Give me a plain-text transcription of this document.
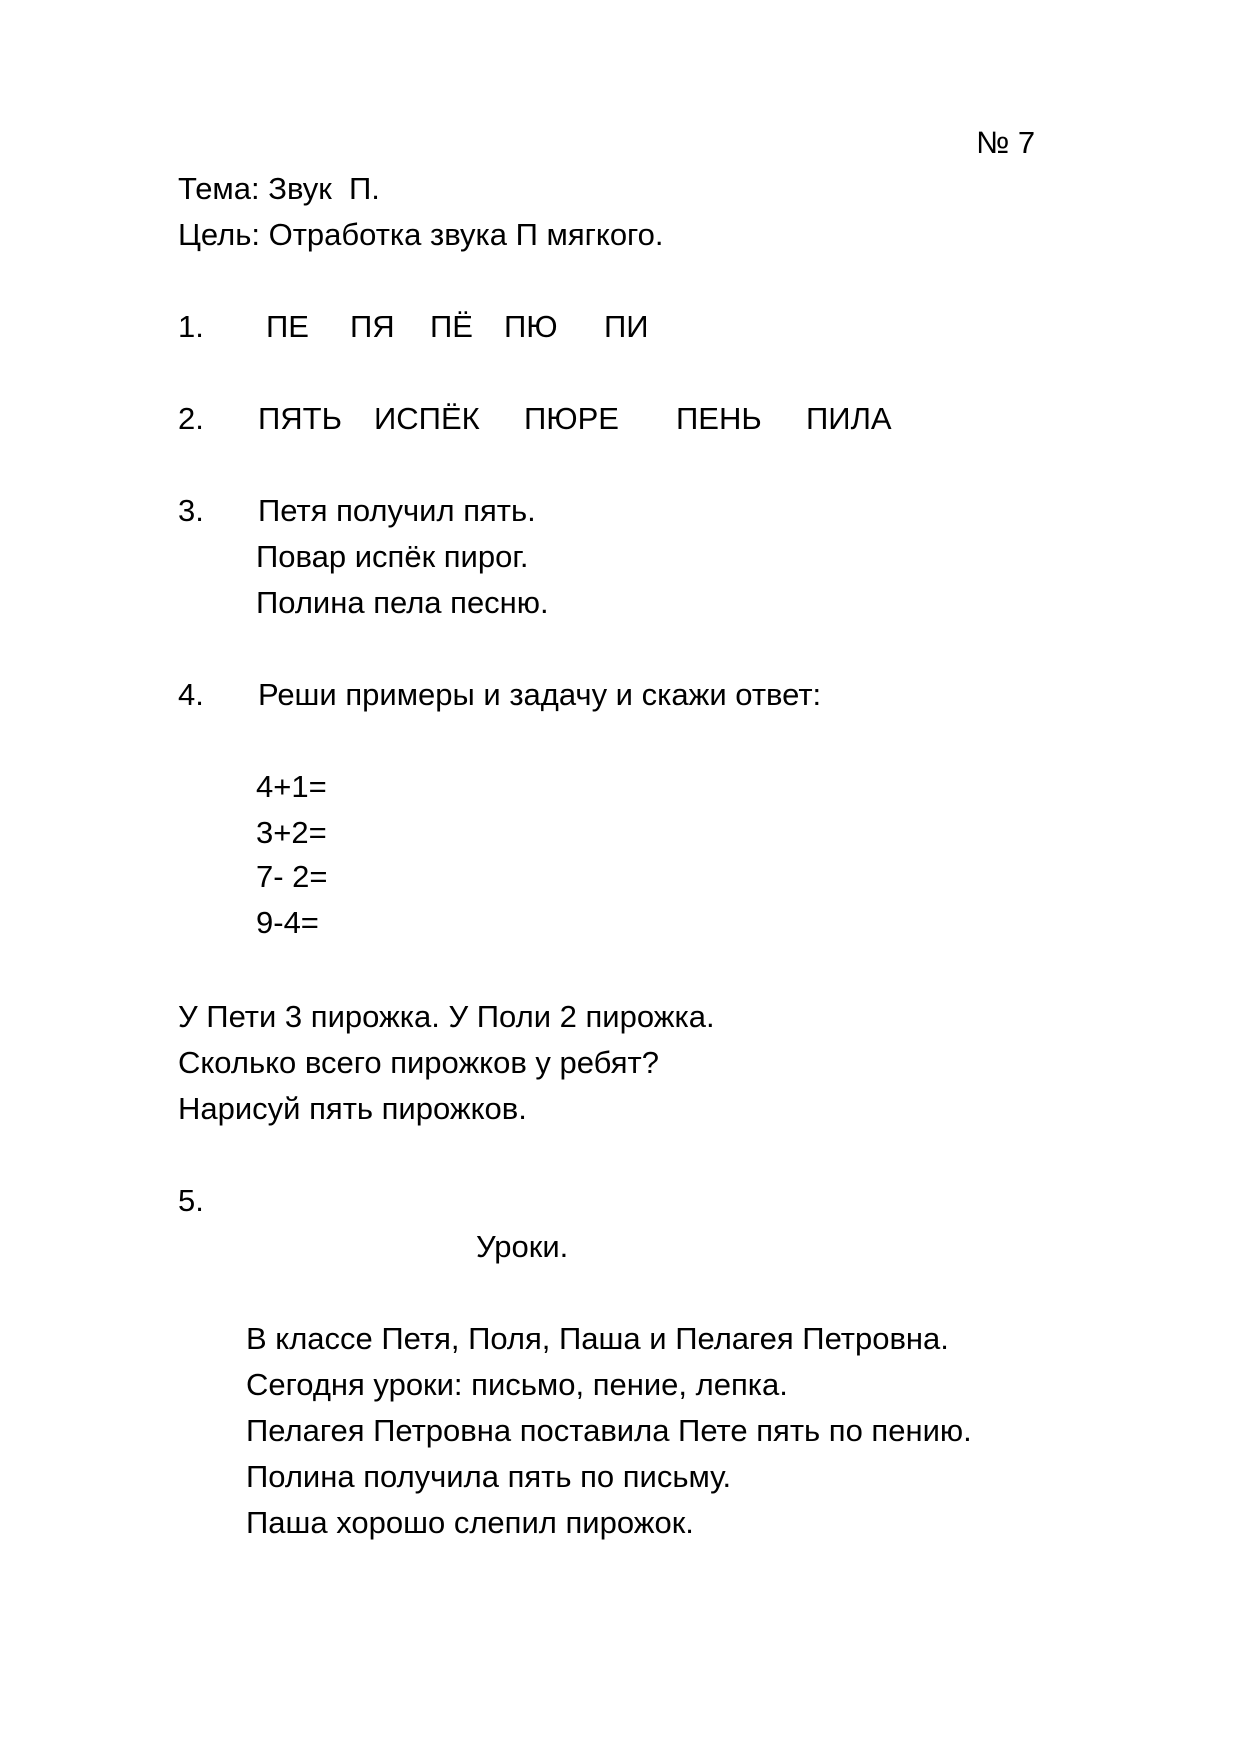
№ 7
Тема: Звук  П.
Цель: Отработка звука П мягкого.
1. ПЕ ПЯ ПЁ ПЮ ПИ
2. ПЯТЬ ИСПЁК ПЮРЕ ПЕНЬ ПИЛА
3. Петя получил пять.
Повар испёк пирог.
Полина пела песню.
4. Реши примеры и задачу и скажи ответ:
4+1=
3+2=
7- 2=
9-4=
У Пети 3 пирожка. У Поли 2 пирожка.
Сколько всего пирожков у ребят?
Нарисуй пять пирожков.
5.
Уроки.
В классе Петя, Поля, Паша и Пелагея Петровна.
Сегодня уроки: письмо, пение, лепка.
Пелагея Петровна поставила Пете пять по пению.
Полина получила пять по письму.
Паша хорошо слепил пирожок.
